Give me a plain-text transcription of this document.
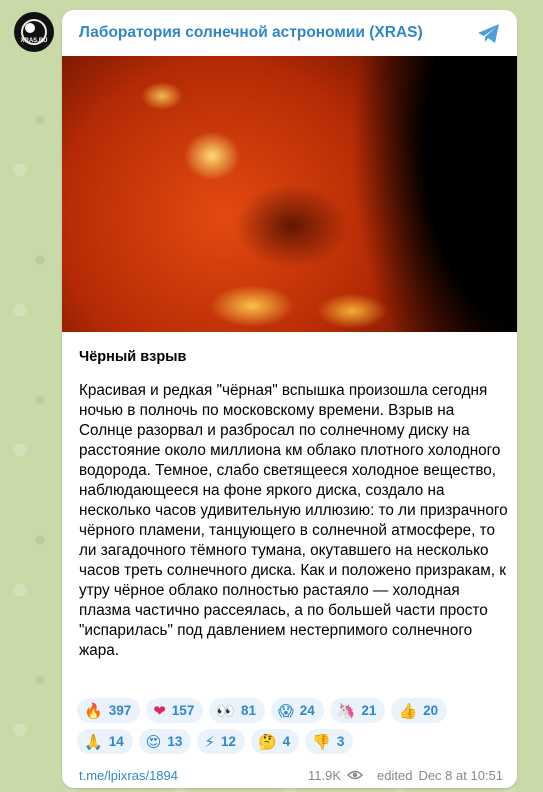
XRAS.RU	Лаборатория солнечной астрономии (XRAS)
Чёрный взрыв

Красивая и редкая "чёрная" вспышка произошла сегодня ночью в полночь по московскому времени. Взрыв на Солнце разорвал и разбросал по солнечному диску на расстояние около миллиона км облако плотного холодного водорода. Темное, слабо светящееся холодное вещество, наблюдающееся на фоне яркого диска, создало на несколько часов удивительную иллюзию: то ли призрачного чёрного пламени, танцующего в солнечной атмосфере, то ли загадочного тёмного тумана, окутавшего на несколько часов треть солнечного диска. Как и положено призракам, к утру чёрное облако полностью растаяло — холодная плазма частично рассеялась, а по большей части просто "испарилась" под давлением нестерпимого солнечного жара.

🔥 397 ❤ 157 👀 81 😱 24 🦄 21 👍 20
🙏 14 😍 13 ⚡ 12 🤔 4 👎 3
t.me/lpixras/1894	11.9K	edited Dec 8 at 10:51
